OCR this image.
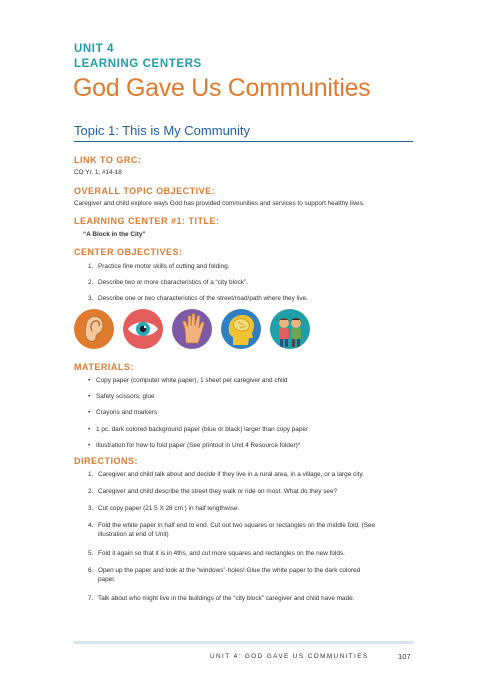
UNIT 4
LEARNING CENTERS
God Gave Us Communities
Topic 1: This is My Community
LINK TO GRC:
CO Yr. 1, #14-18
OVERALL TOPIC OBJECTIVE:
Caregiver and child explore ways God has provided communities and services to support healthy lives.
LEARNING CENTER #1: TITLE:
“A Block in the City”
CENTER OBJECTIVES:
1. Practice fine motor skills of cutting and folding.
2. Describe two or more characteristics of a “city block”.
3. Describe one or two characteristics of the street/road/path where they live.
MATERIALS:
• Copy paper (computer white paper), 1 sheet per caregiver and child
• Safety scissors, glue
• Crayons and markers
• 1 pc. dark colored background paper (blue or black) larger than copy paper
• Illustration for how to fold paper (See printout in Unit 4 Resource folder)*
DIRECTIONS:
1. Caregiver and child talk about and decide if they live in a rural area, in a village, or a large city.
2. Caregiver and child describe the street they walk or ride on most. What do they see?
3. Cut copy paper (21.5 X 28 cm ) in half lengthwise.
4. Fold the white paper in half end to end. Cut out two squares or rectangles on the middle fold. (See
illustration at end of Unit)
5. Fold it again so that it is in 4ths, and cut more squares and rectangles on the new folds.
6. Open up the paper and look at the “windows”-holes! Glue the white paper to the dark colored
paper.
7. Talk about who might live in the buildings of the “city block” caregiver and child have made.
UNIT 4: GOD GAVE US COMMUNITIES	107
